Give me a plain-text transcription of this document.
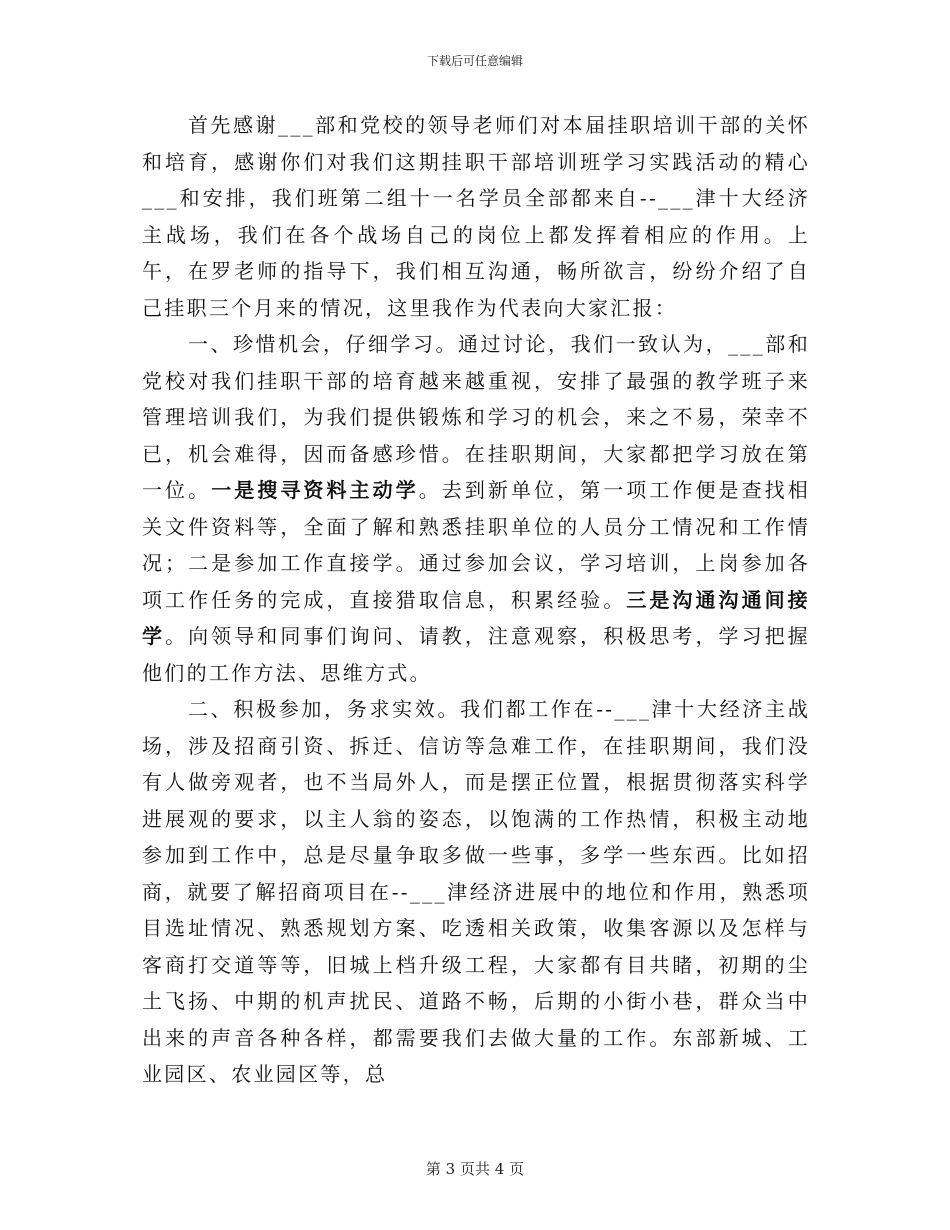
下载后可任意编辑

首先感谢___部和党校的领导老师们对本届挂职培训干部的关怀和培育，感谢你们对我们这期挂职干部培训班学习实践活动的精心___和安排，我们班第二组十一名学员全部都来自--___津十大经济主战场，我们在各个战场自己的岗位上都发挥着相应的作用。上午，在罗老师的指导下，我们相互沟通，畅所欲言，纷纷介绍了自己挂职三个月来的情况，这里我作为代表向大家汇报：

一、珍惜机会，仔细学习。通过讨论，我们一致认为，___部和党校对我们挂职干部的培育越来越重视，安排了最强的教学班子来管理培训我们，为我们提供锻炼和学习的机会，来之不易，荣幸不已，机会难得，因而备感珍惜。在挂职期间，大家都把学习放在第一位。一是搜寻资料主动学。去到新单位，第一项工作便是查找相关文件资料等，全面了解和熟悉挂职单位的人员分工情况和工作情况；二是参加工作直接学。通过参加会议，学习培训，上岗参加各项工作任务的完成，直接猎取信息，积累经验。三是沟通沟通间接学。向领导和同事们询问、请教，注意观察，积极思考，学习把握他们的工作方法、思维方式。

二、积极参加，务求实效。我们都工作在--___津十大经济主战场，涉及招商引资、拆迁、信访等急难工作，在挂职期间，我们没有人做旁观者，也不当局外人，而是摆正位置，根据贯彻落实科学进展观的要求，以主人翁的姿态，以饱满的工作热情，积极主动地参加到工作中，总是尽量争取多做一些事，多学一些东西。比如招商，就要了解招商项目在--___津经济进展中的地位和作用，熟悉项目选址情况、熟悉规划方案、吃透相关政策，收集客源以及怎样与客商打交道等等，旧城上档升级工程，大家都有目共睹，初期的尘土飞扬、中期的机声扰民、道路不畅，后期的小街小巷，群众当中出来的声音各种各样，都需要我们去做大量的工作。东部新城、工业园区、农业园区等，总

第 3 页共 4 页
